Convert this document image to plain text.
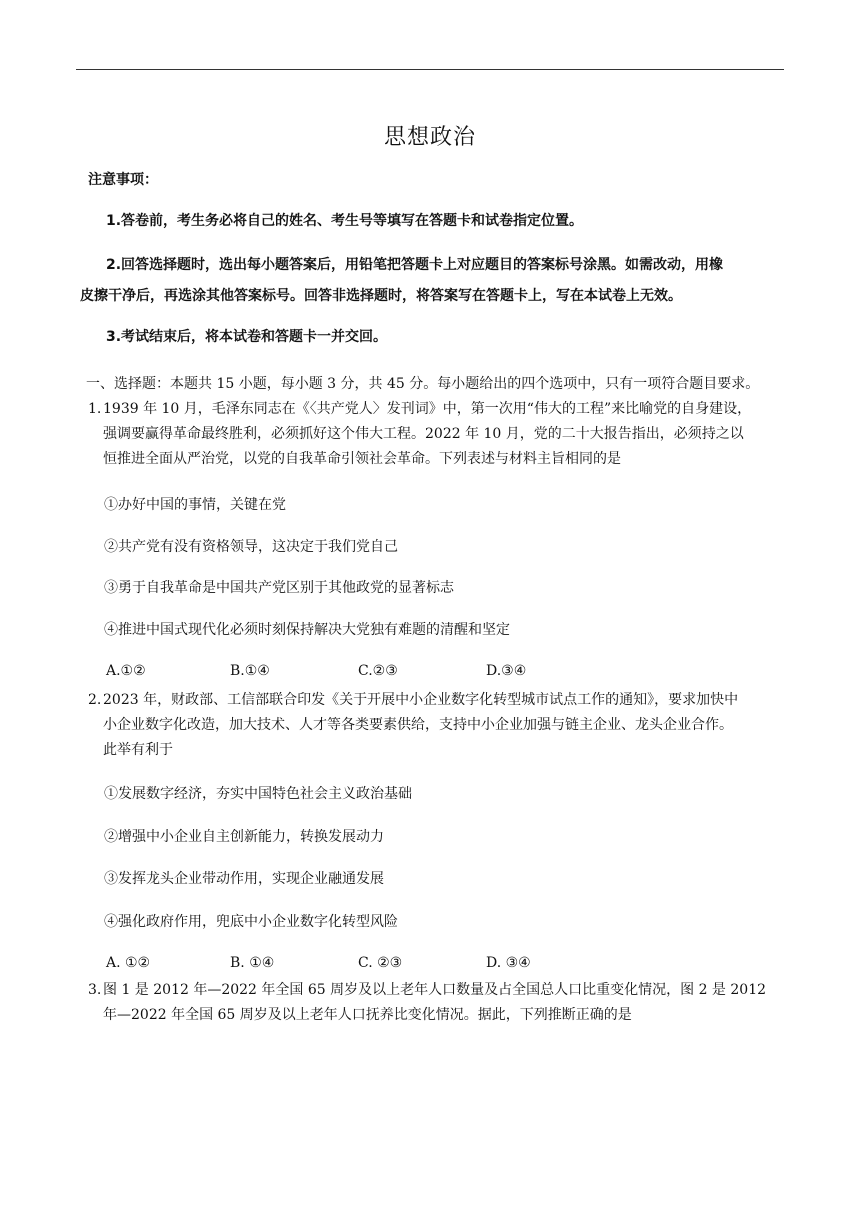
思想政治
注意事项：
1.答卷前，考生务必将自己的姓名、考生号等填写在答题卡和试卷指定位置。
2.回答选择题时，选出每小题答案后，用铅笔把答题卡上对应题目的答案标号涂黑。如需改动，用橡
皮擦干净后，再选涂其他答案标号。回答非选择题时，将答案写在答题卡上，写在本试卷上无效。
3.考试结束后，将本试卷和答题卡一并交回。
一、选择题：本题共 15 小题，每小题 3 分，共 45 分。每小题给出的四个选项中，只有一项符合题目要求。
1. 1939 年 10 月，毛泽东同志在《〈共产党人〉发刊词》中，第一次用“伟大的工程”来比喻党的自身建设，
强调要赢得革命最终胜利，必须抓好这个伟大工程。2022 年 10 月，党的二十大报告指出，必须持之以
恒推进全面从严治党，以党的自我革命引领社会革命。下列表述与材料主旨相同的是
①办好中国的事情，关键在党
②共产党有没有资格领导，这决定于我们党自己
③勇于自我革命是中国共产党区别于其他政党的显著标志
④推进中国式现代化必须时刻保持解决大党独有难题的清醒和坚定
A.①②	B.①④	C.②③	D.③④
2. 2023 年，财政部、工信部联合印发《关于开展中小企业数字化转型城市试点工作的通知》，要求加快中
小企业数字化改造，加大技术、人才等各类要素供给，支持中小企业加强与链主企业、龙头企业合作。
此举有利于
①发展数字经济，夯实中国特色社会主义政治基础
②增强中小企业自主创新能力，转换发展动力
③发挥龙头企业带动作用，实现企业融通发展
④强化政府作用，兜底中小企业数字化转型风险
A. ①②	B. ①④	C. ②③	D. ③④
3. 图 1 是 2012 年—2022 年全国 65 周岁及以上老年人口数量及占全国总人口比重变化情况，图 2 是 2012
年—2022 年全国 65 周岁及以上老年人口抚养比变化情况。据此，下列推断正确的是
